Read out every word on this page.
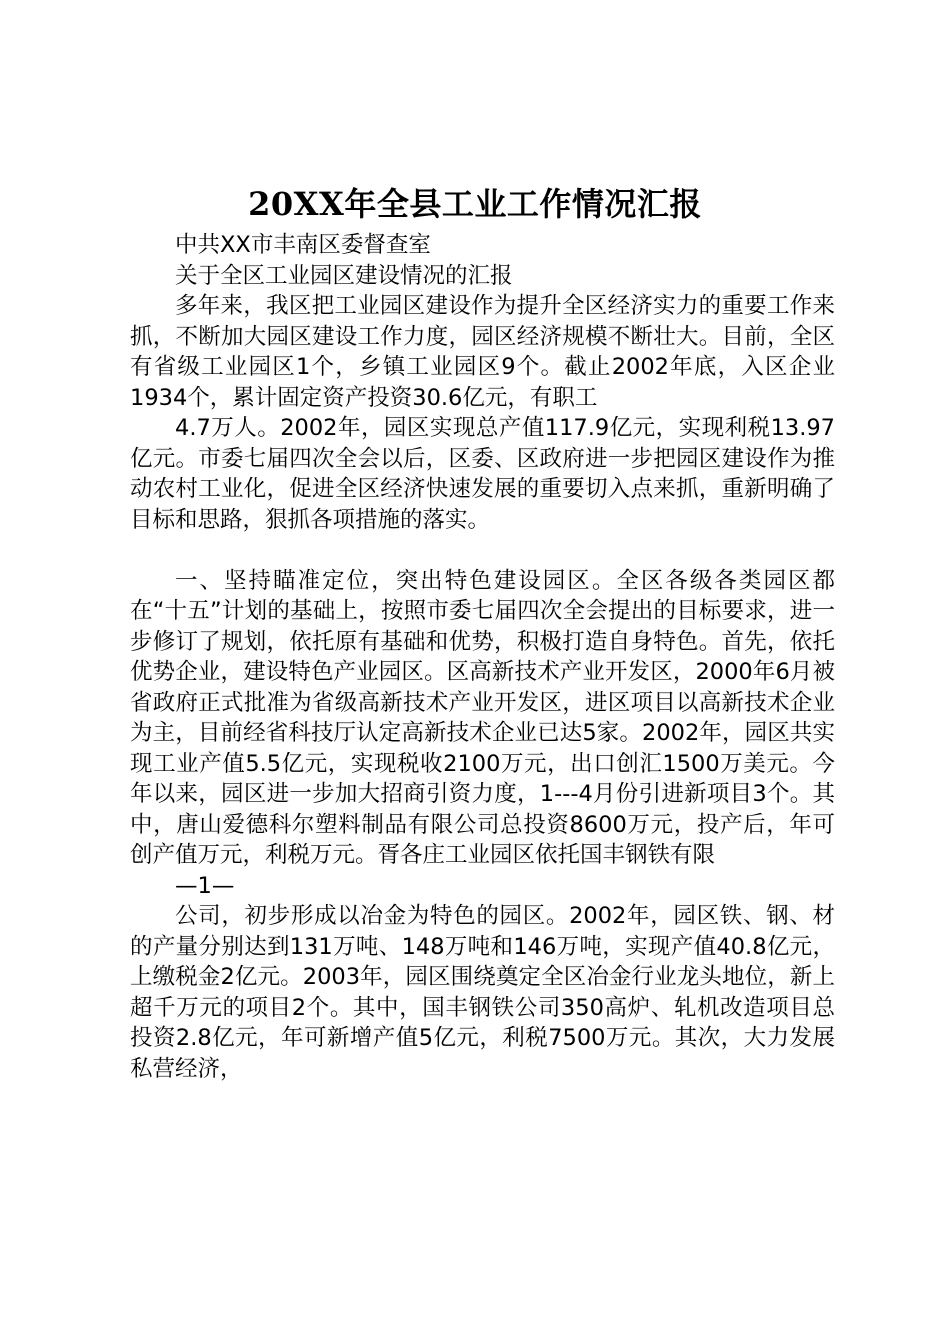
20XX年全县工业工作情况汇报

中共XX市丰南区委督查室

关于全区工业园区建设情况的汇报

多年来，我区把工业园区建设作为提升全区经济实力的重要工作来抓，不断加大园区建设工作力度，园区经济规模不断壮大。目前，全区有省级工业园区1个，乡镇工业园区9个。截止2002年底，入区企业1934个，累计固定资产投资30.6亿元，有职工

4.7万人。2002年，园区实现总产值117.9亿元，实现利税13.97亿元。市委七届四次全会以后，区委、区政府进一步把园区建设作为推动农村工业化，促进全区经济快速发展的重要切入点来抓，重新明确了目标和思路，狠抓各项措施的落实。

一、坚持瞄准定位，突出特色建设园区。全区各级各类园区都在“十五”计划的基础上，按照市委七届四次全会提出的目标要求，进一步修订了规划，依托原有基础和优势，积极打造自身特色。首先，依托优势企业，建设特色产业园区。区高新技术产业开发区，2000年6月被省政府正式批准为省级高新技术产业开发区，进区项目以高新技术企业为主，目前经省科技厅认定高新技术企业已达5家。2002年，园区共实现工业产值5.5亿元，实现税收2100万元，出口创汇1500万美元。今年以来，园区进一步加大招商引资力度，1---4月份引进新项目3个。其中，唐山爱德科尔塑料制品有限公司总投资8600万元，投产后，年可创产值万元，利税万元。胥各庄工业园区依托国丰钢铁有限

—1—

公司，初步形成以冶金为特色的园区。2002年，园区铁、钢、材的产量分别达到131万吨、148万吨和146万吨，实现产值40.8亿元，上缴税金2亿元。2003年，园区围绕奠定全区冶金行业龙头地位，新上超千万元的项目2个。其中，国丰钢铁公司350高炉、轧机改造项目总投资2.8亿元，年可新增产值5亿元，利税7500万元。其次，大力发展私营经济，
